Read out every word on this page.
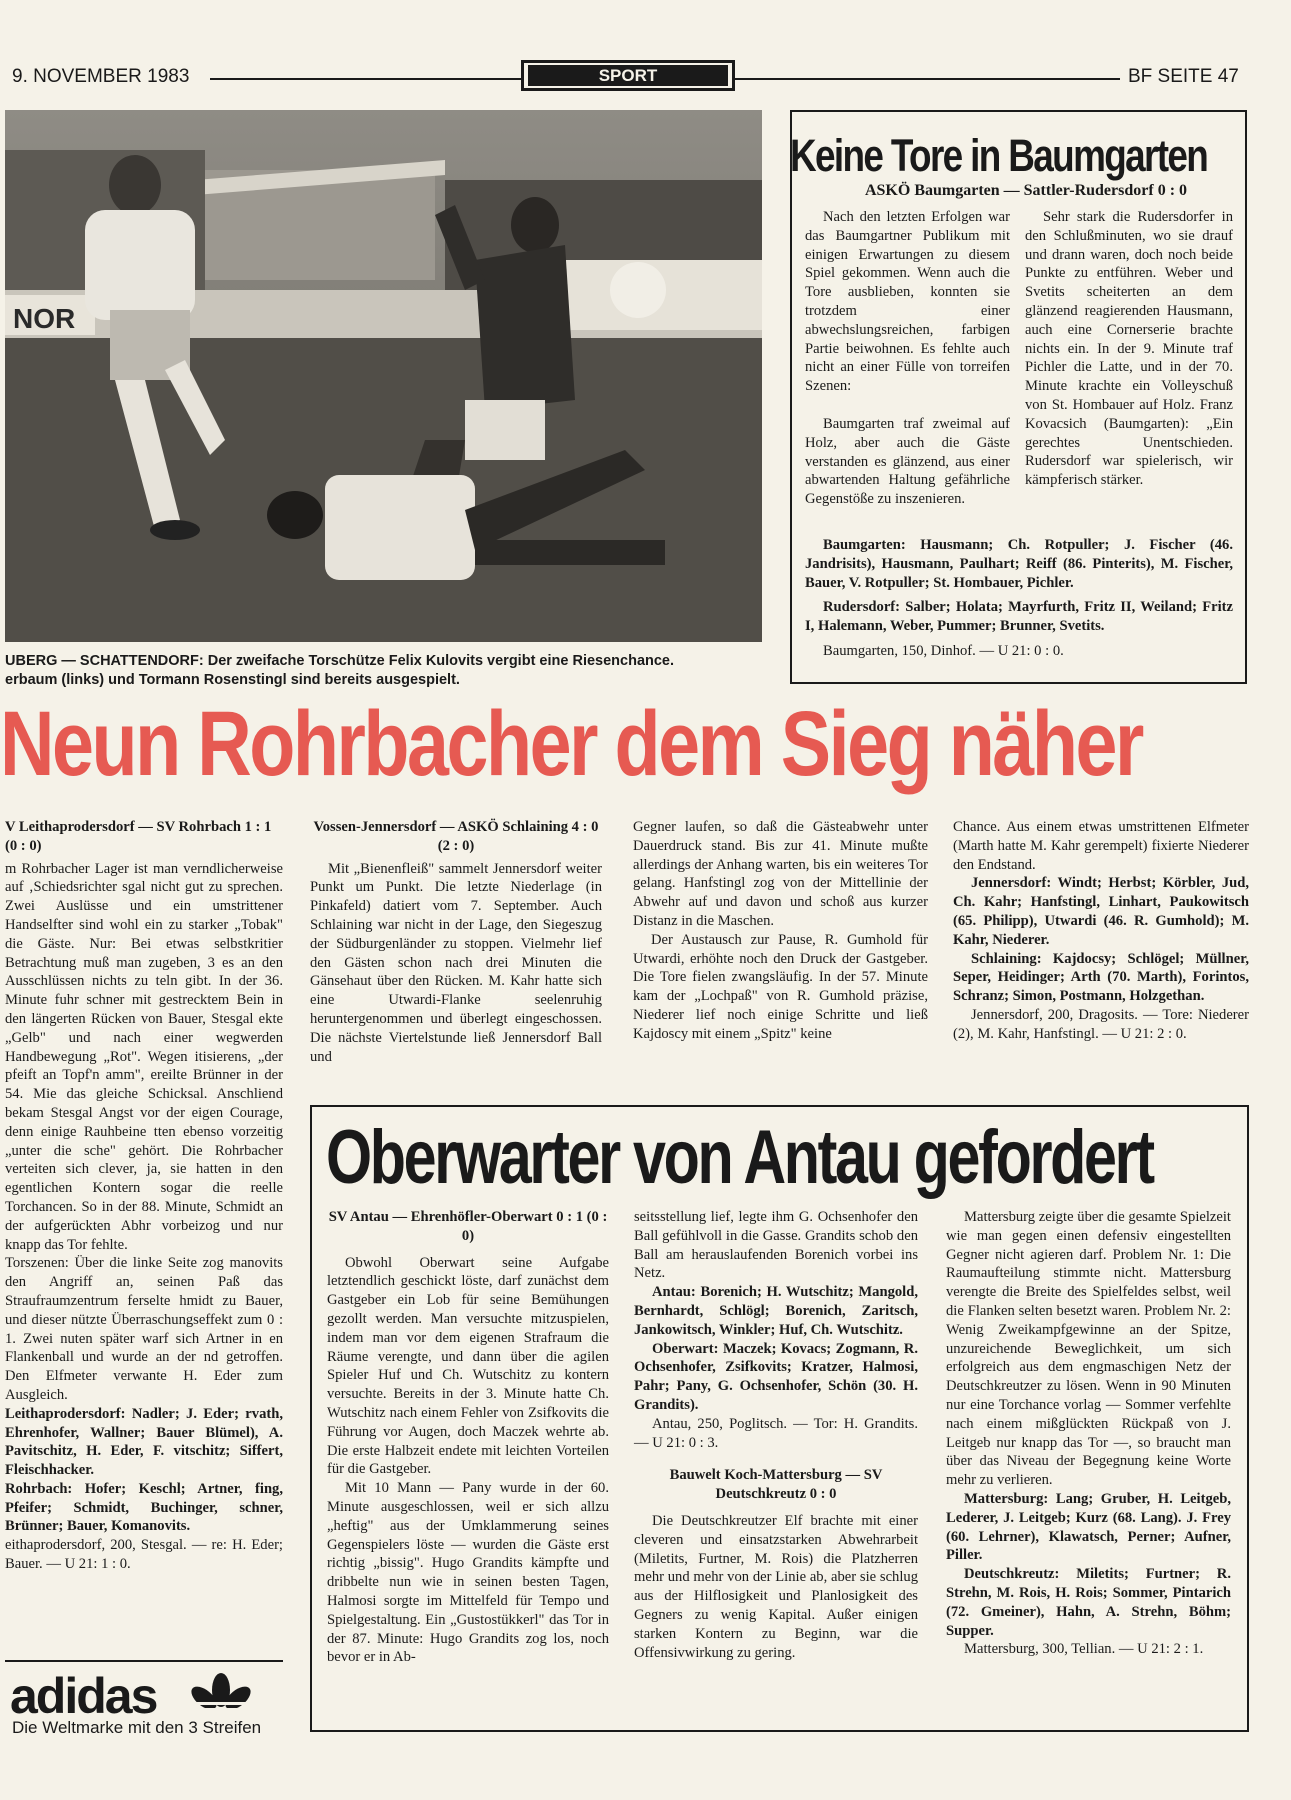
9. NOVEMBER 1983	SPORT	BF SEITE 47
NOR
UBERG — SCHATTENDORF: Der zweifache Torschütze Felix Kulovits vergibt eine Riesenchance.
erbaum (links) und Tormann Rosenstingl sind bereits ausgespielt.
Keine Tore in Baumgarten
ASKÖ Baumgarten — Sattler-Rudersdorf 0 : 0

Nach den letzten Erfolgen war das Baumgartner Publikum mit einigen Erwartungen zu diesem Spiel gekommen. Wenn auch die Tore ausblieben, konnten sie trotzdem einer abwechslungsreichen, farbigen Partie beiwohnen. Es fehlte auch nicht an einer Fülle von torreifen Szenen:

Baumgarten traf zweimal auf Holz, aber auch die Gäste verstanden es glänzend, aus einer abwartenden Haltung gefährliche Gegenstöße zu inszenieren.

Sehr stark die Rudersdorfer in den Schlußminuten, wo sie drauf und drann waren, doch noch beide Punkte zu entführen. Weber und Svetits scheiterten an dem glänzend reagierenden Hausmann, auch eine Cornerserie brachte nichts ein. In der 9. Minute traf Pichler die Latte, und in der 70. Minute krachte ein Volleyschuß von St. Hombauer auf Holz. Franz Kovacsich (Baumgarten): „Ein gerechtes Unentschieden. Rudersdorf war spielerisch, wir kämpferisch stärker.

Baumgarten: Hausmann; Ch. Rotpuller; J. Fischer (46. Jandrisits), Hausmann, Paulhart; Reiff (86. Pinterits), M. Fischer, Bauer, V. Rotpuller; St. Hombauer, Pichler.

Rudersdorf: Salber; Holata; Mayrfurth, Fritz II, Weiland; Fritz I, Halemann, Weber, Pummer; Brunner, Svetits.

Baumgarten, 150, Dinhof. — U 21: 0 : 0.

Neun Rohrbacher dem Sieg näher

V Leithaprodersdorf — SV Rohrbach 1 : 1 (0 : 0)

m Rohrbacher Lager ist man verndlicherweise auf ‚Schiedsrichter sgal nicht gut zu sprechen. Zwei Auslüsse und ein umstrittener Handselfter sind wohl ein zu starker „Tobak" die Gäste. Nur: Bei etwas selbstkritier Betrachtung muß man zugeben, 3 es an den Ausschlüssen nichts zu teln gibt. In der 36. Minute fuhr schner mit gestrecktem Bein in den längerten Rücken von Bauer, Stesgal ekte „Gelb" und nach einer wegwerden Handbewegung „Rot". Wegen itisierens, „der pfeift an Topf'n amm", ereilte Brünner in der 54. Mie das gleiche Schicksal. Anschliend bekam Stesgal Angst vor der eigen Courage, denn einige Rauhbeine tten ebenso vorzeitig „unter die sche" gehört. Die Rohrbacher verteiten sich clever, ja, sie hatten in den egentlichen Kontern sogar die reelle Torchancen. So in der 88. Minute, Schmidt an der aufgerückten Abhr vorbeizog und nur knapp das Tor fehlte.

Torszenen: Über die linke Seite zog manovits den Angriff an, seinen Paß das Straufraumzentrum ferselte hmidt zu Bauer, und dieser nützte Überraschungseffekt zum 0 : 1. Zwei nuten später warf sich Artner in en Flankenball und wurde an der nd getroffen. Den Elfmeter verwante H. Eder zum Ausgleich.

Leithaprodersdorf: Nadler; J. Eder; rvath, Ehrenhofer, Wallner; Bauer Blümel), A. Pavitschitz, H. Eder, F. vitschitz; Siffert, Fleischhacker.

Rohrbach: Hofer; Keschl; Artner, fing, Pfeifer; Schmidt, Buchinger, schner, Brünner; Bauer, Komanovits.

eithaprodersdorf, 200, Stesgal. — re: H. Eder; Bauer. — U 21: 1 : 0.

Vossen-Jennersdorf — ASKÖ Schlaining 4 : 0 (2 : 0)

Mit „Bienenfleiß" sammelt Jennersdorf weiter Punkt um Punkt. Die letzte Niederlage (in Pinkafeld) datiert vom 7. September. Auch Schlaining war nicht in der Lage, den Siegeszug der Südburgenländer zu stoppen. Vielmehr lief den Gästen schon nach drei Minuten die Gänsehaut über den Rücken. M. Kahr hatte sich eine Utwardi-Flanke seelenruhig heruntergenommen und überlegt eingeschossen. Die nächste Viertelstunde ließ Jennersdorf Ball und

Gegner laufen, so daß die Gästeabwehr unter Dauerdruck stand. Bis zur 41. Minute mußte allerdings der Anhang warten, bis ein weiteres Tor gelang. Hanfstingl zog von der Mittellinie der Abwehr auf und davon und schoß aus kurzer Distanz in die Maschen.

Der Austausch zur Pause, R. Gumhold für Utwardi, erhöhte noch den Druck der Gastgeber. Die Tore fielen zwangsläufig. In der 57. Minute kam der „Lochpaß" von R. Gumhold präzise, Niederer lief noch einige Schritte und ließ Kajdoscy mit einem „Spitz" keine

Chance. Aus einem etwas umstrittenen Elfmeter (Marth hatte M. Kahr gerempelt) fixierte Niederer den Endstand.

Jennersdorf: Windt; Herbst; Körbler, Jud, Ch. Kahr; Hanfstingl, Linhart, Paukowitsch (65. Philipp), Utwardi (46. R. Gumhold); M. Kahr, Niederer.

Schlaining: Kajdocsy; Schlögel; Müllner, Seper, Heidinger; Arth (70. Marth), Forintos, Schranz; Simon, Postmann, Holzgethan.

Jennersdorf, 200, Dragosits. — Tore: Niederer (2), M. Kahr, Hanfstingl. — U 21: 2 : 0.

Oberwarter von Antau gefordert

SV Antau — Ehrenhöfler-Oberwart 0 : 1 (0 : 0)

Obwohl Oberwart seine Aufgabe letztendlich geschickt löste, darf zunächst dem Gastgeber ein Lob für seine Bemühungen gezollt werden. Man versuchte mitzuspielen, indem man vor dem eigenen Strafraum die Räume verengte, und dann über die agilen Spieler Huf und Ch. Wutschitz zu kontern versuchte. Bereits in der 3. Minute hatte Ch. Wutschitz nach einem Fehler von Zsifkovits die Führung vor Augen, doch Maczek wehrte ab. Die erste Halbzeit endete mit leichten Vorteilen für die Gastgeber.

Mit 10 Mann — Pany wurde in der 60. Minute ausgeschlossen, weil er sich allzu „heftig" aus der Umklammerung seines Gegenspielers löste — wurden die Gäste erst richtig „bissig". Hugo Grandits kämpfte und dribbelte nun wie in seinen besten Tagen, Halmosi sorgte im Mittelfeld für Tempo und Spielgestaltung. Ein „Gustostükkerl" das Tor in der 87. Minute: Hugo Grandits zog los, noch bevor er in Ab-

seitsstellung lief, legte ihm G. Ochsenhofer den Ball gefühlvoll in die Gasse. Grandits schob den Ball am herauslaufenden Borenich vorbei ins Netz.

Antau: Borenich; H. Wutschitz; Mangold, Bernhardt, Schlögl; Borenich, Zaritsch, Jankowitsch, Winkler; Huf, Ch. Wutschitz.

Oberwart: Maczek; Kovacs; Zogmann, R. Ochsenhofer, Zsifkovits; Kratzer, Halmosi, Pahr; Pany, G. Ochsenhofer, Schön (30. H. Grandits).

Antau, 250, Poglitsch. — Tor: H. Grandits. — U 21: 0 : 3.

Bauwelt Koch-Mattersburg — SV Deutschkreutz 0 : 0

Die Deutschkreutzer Elf brachte mit einer cleveren und einsatzstarken Abwehrarbeit (Miletits, Furtner, M. Rois) die Platzherren mehr und mehr von der Linie ab, aber sie schlug aus der Hilflosigkeit und Planlosigkeit des Gegners zu wenig Kapital. Außer einigen starken Kontern zu Beginn, war die Offensivwirkung zu gering.

Mattersburg zeigte über die gesamte Spielzeit wie man gegen einen defensiv eingestellten Gegner nicht agieren darf. Problem Nr. 1: Die Raumaufteilung stimmte nicht. Mattersburg verengte die Breite des Spielfeldes selbst, weil die Flanken selten besetzt waren. Problem Nr. 2: Wenig Zweikampfgewinne an der Spitze, unzureichende Beweglichkeit, um sich erfolgreich aus dem engmaschigen Netz der Deutschkreutzer zu lösen. Wenn in 90 Minuten nur eine Torchance vorlag — Sommer verfehlte nach einem mißglückten Rückpaß von J. Leitgeb nur knapp das Tor —, so braucht man über das Niveau der Begegnung keine Worte mehr zu verlieren.

Mattersburg: Lang; Gruber, H. Leitgeb, Lederer, J. Leitgeb; Kurz (68. Lang). J. Frey (60. Lehrner), Klawatsch, Perner; Aufner, Piller.

Deutschkreutz: Miletits; Furtner; R. Strehn, M. Rois, H. Rois; Sommer, Pintarich (72. Gmeiner), Hahn, A. Strehn, Böhm; Supper.

Mattersburg, 300, Tellian. — U 21: 2 : 1.

adidas
Die Weltmarke mit den 3 Streifen
